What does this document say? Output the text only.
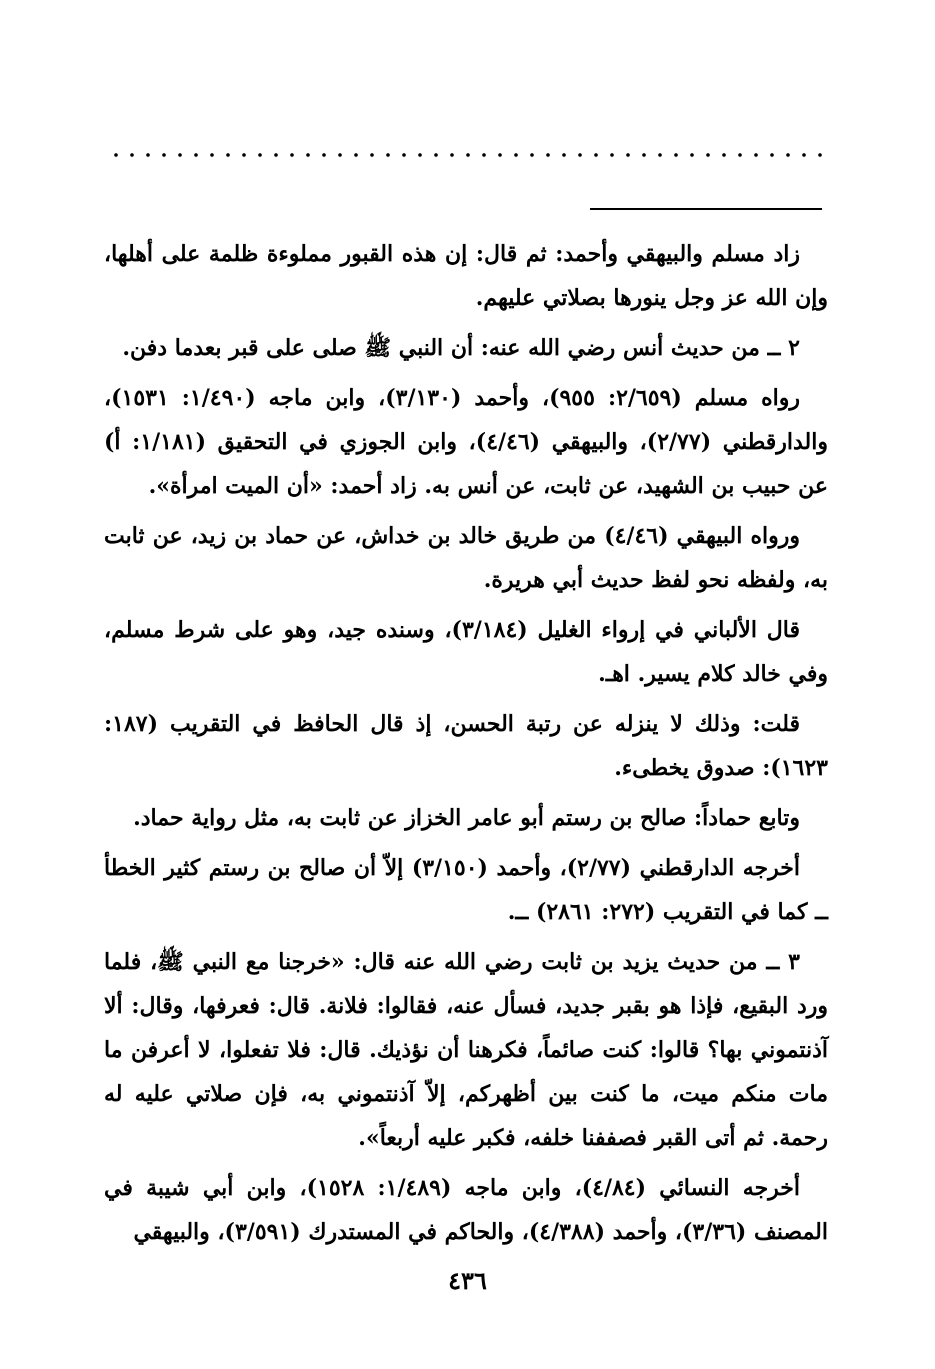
زاد مسلم والبيهقي وأحمد: ثم قال: إن هذه القبور مملوءة ظلمة على أهلها، وإن الله عز وجل ينورها بصلاتي عليهم.

٢ ــ من حديث أنس رضي الله عنه: أن النبي ﷺ صلى على قبر بعدما دفن.

رواه مسلم (٢/٦٥٩: ٩٥٥)، وأحمد (٣/١٣٠)، وابن ماجه (١/٤٩٠: ١٥٣١)، والدارقطني (٢/٧٧)، والبيهقي (٤/٤٦)، وابن الجوزي في التحقيق (١/١٨١: أ) عن حبيب بن الشهيد، عن ثابت، عن أنس به. زاد أحمد: «أن الميت امرأة».

ورواه البيهقي (٤/٤٦) من طريق خالد بن خداش، عن حماد بن زيد، عن ثابت به، ولفظه نحو لفظ حديث أبي هريرة.

قال الألباني في إرواء الغليل (٣/١٨٤)، وسنده جيد، وهو على شرط مسلم، وفي خالد كلام يسير. اهـ.

قلت: وذلك لا ينزله عن رتبة الحسن، إذ قال الحافظ في التقريب (١٨٧: ١٦٢٣): صدوق يخطىء.

وتابع حماداً: صالح بن رستم أبو عامر الخزاز عن ثابت به، مثل رواية حماد.

أخرجه الدارقطني (٢/٧٧)، وأحمد (٣/١٥٠) إلاّ أن صالح بن رستم كثير الخطأ ــ كما في التقريب (٢٧٢: ٢٨٦١) ــ.

٣ ــ من حديث يزيد بن ثابت رضي الله عنه قال: «خرجنا مع النبي ﷺ، فلما ورد البقيع، فإذا هو بقبر جديد، فسأل عنه، فقالوا: فلانة. قال: فعرفها، وقال: ألا آذنتموني بها؟ قالوا: كنت صائماً، فكرهنا أن نؤذيك. قال: فلا تفعلوا، لا أعرفن ما مات منكم ميت، ما كنت بين أظهركم، إلاّ آذنتموني به، فإن صلاتي عليه له رحمة. ثم أتى القبر فصففنا خلفه، فكبر عليه أربعاً».

أخرجه النسائي (٤/٨٤)، وابن ماجه (١/٤٨٩: ١٥٢٨)، وابن أبي شيبة في المصنف (٣/٣٦)، وأحمد (٤/٣٨٨)، والحاكم في المستدرك (٣/٥٩١)، والبيهقي

٤٣٦
